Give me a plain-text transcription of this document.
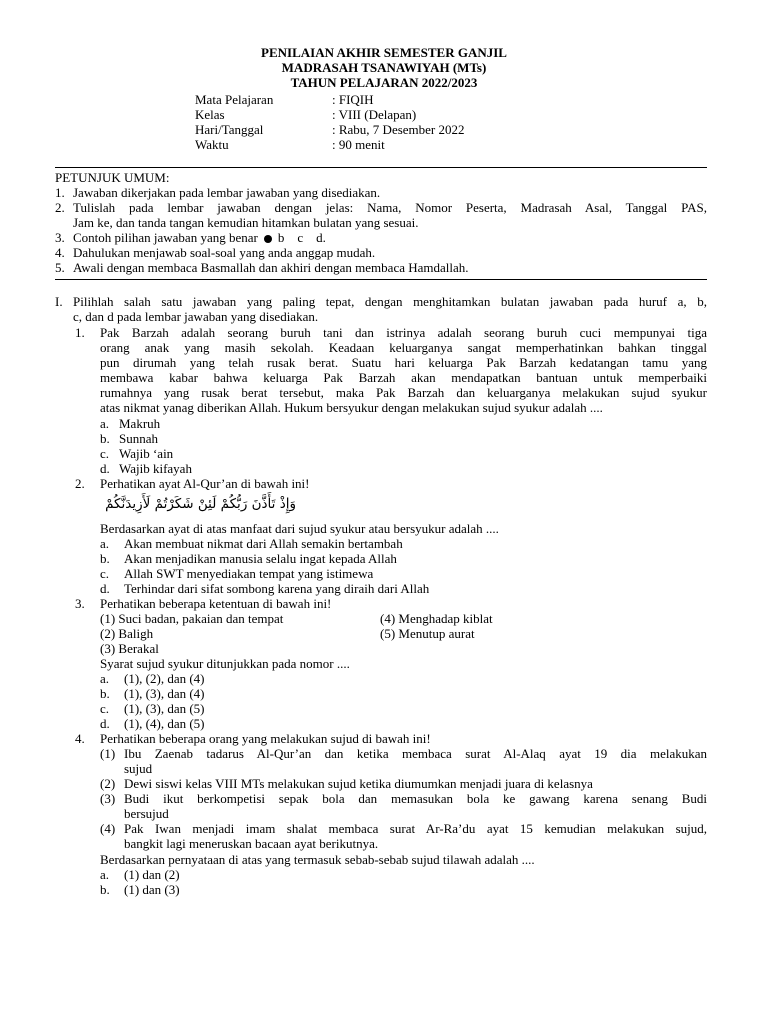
PENILAIAN AKHIR SEMESTER GANJIL
MADRASAH TSANAWIYAH (MTs)
TAHUN PELAJARAN 2022/2023
Mata Pelajaran	: FIQIH
Kelas	: VIII (Delapan)
Hari/Tanggal	: Rabu, 7 Desember 2022
Waktu	: 90 menit
PETUNJUK UMUM:
1. Jawaban dikerjakan pada lembar jawaban yang disediakan.
2. Tulislah pada lembar jawaban dengan jelas: Nama, Nomor Peserta, Madrasah Asal, Tanggal PAS,
Jam ke, dan tanda tangan kemudian hitamkan bulatan yang sesuai.
3. Contoh pilihan jawaban yang benar b    c    d.
4. Dahulukan menjawab soal-soal yang anda anggap mudah.
5. Awali dengan membaca Basmallah dan akhiri dengan membaca Hamdallah.
I. Pilihlah salah satu jawaban yang paling tepat, dengan menghitamkan bulatan jawaban pada huruf a, b,
c, dan d pada lembar jawaban yang disediakan.
1. Pak Barzah adalah seorang buruh tani dan istrinya adalah seorang buruh cuci mempunyai tiga
orang anak yang masih sekolah. Keadaan keluarganya sangat memperhatinkan bahkan tinggal
pun dirumah yang telah rusak berat. Suatu hari keluarga Pak Barzah kedatangan tamu yang
membawa kabar bahwa keluarga Pak Barzah akan mendapatkan bantuan untuk memperbaiki
rumahnya yang rusak berat tersebut, maka Pak Barzah dan keluarganya melakukan sujud syukur
atas nikmat yanag diberikan Allah. Hukum bersyukur dengan melakukan sujud syukur adalah ....
a. Makruh
b. Sunnah
c. Wajib ‘ain
d. Wajib kifayah
2. Perhatikan ayat Al-Qur’an di bawah ini!
وَإِذْ تَأَذَّنَ رَبُّكُمْ لَئِنْ شَكَرْتُمْ لَأَزِيدَنَّكُمْ
Berdasarkan ayat di atas manfaat dari sujud syukur atau bersyukur adalah ....
a. Akan membuat nikmat dari Allah semakin bertambah
b. Akan menjadikan manusia selalu ingat kepada Allah
c. Allah SWT menyediakan tempat yang istimewa
d. Terhindar dari sifat sombong karena yang diraih dari Allah
3. Perhatikan beberapa ketentuan di bawah ini!
(1) Suci badan, pakaian dan tempat	(4) Menghadap kiblat
(2) Baligh	(5) Menutup aurat
(3) Berakal
Syarat sujud syukur ditunjukkan pada nomor ....
a. (1), (2), dan (4)
b. (1), (3), dan (4)
c. (1), (3), dan (5)
d. (1), (4), dan (5)
4. Perhatikan beberapa orang yang melakukan sujud di bawah ini!
(1) Ibu Zaenab tadarus Al-Qur’an dan ketika membaca surat Al-Alaq ayat 19 dia melakukan
sujud
(2) Dewi siswi kelas VIII MTs melakukan sujud ketika diumumkan menjadi juara di kelasnya
(3) Budi ikut berkompetisi sepak bola dan memasukan bola ke gawang karena senang Budi
bersujud
(4) Pak Iwan menjadi imam shalat membaca surat Ar-Ra’du ayat 15 kemudian melakukan sujud,
bangkit lagi meneruskan bacaan ayat berikutnya.
Berdasarkan pernyataan di atas yang termasuk sebab-sebab sujud tilawah adalah ....
a. (1) dan (2)
b. (1) dan (3)
